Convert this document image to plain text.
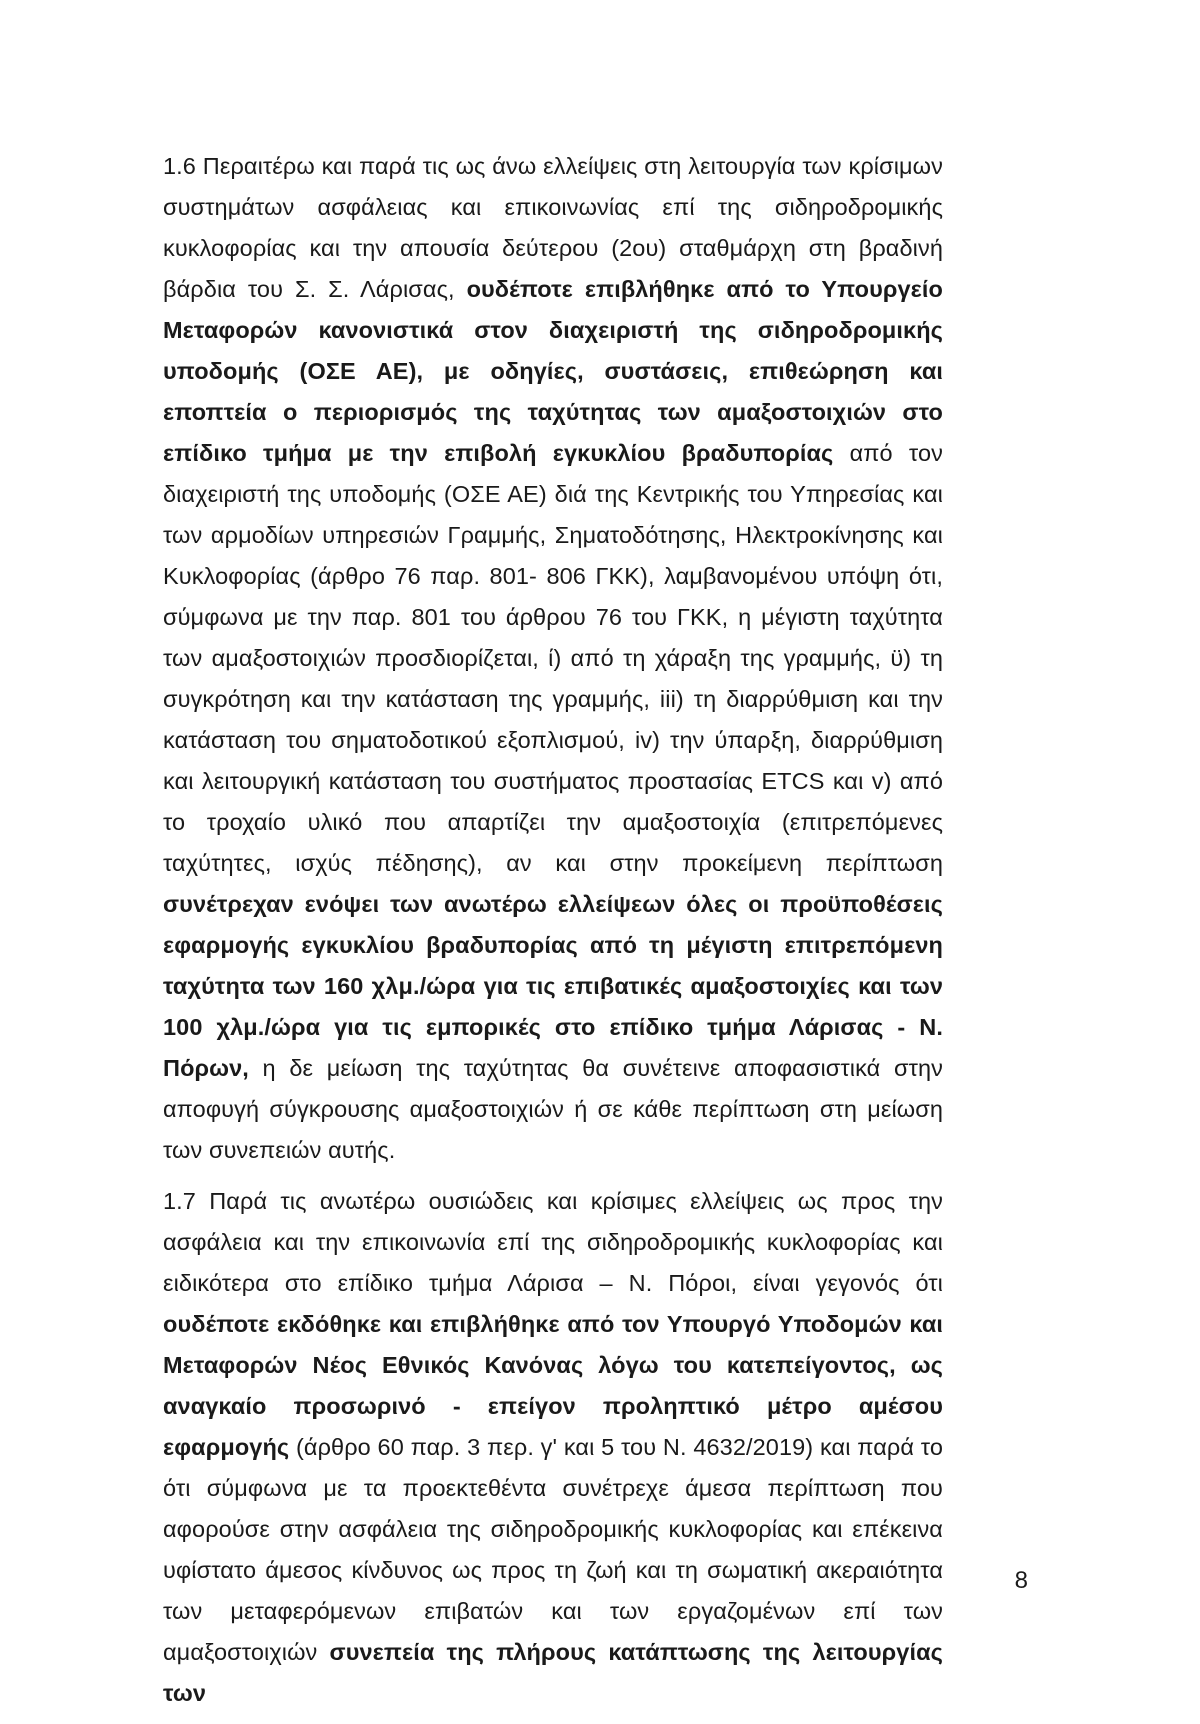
1.6 Περαιτέρω και παρά τις ως άνω ελλείψεις στη λειτουργία των κρίσιμων συστημάτων ασφάλειας και επικοινωνίας επί της σιδηροδρομικής κυκλοφορίας και την απουσία δεύτερου (2ου) σταθμάρχη στη βραδινή βάρδια του Σ. Σ. Λάρισας, ουδέποτε επιβλήθηκε από το Υπουργείο Μεταφορών κανονιστικά στον διαχειριστή της σιδηροδρομικής υποδομής (ΟΣΕ ΑΕ), με οδηγίες, συστάσεις, επιθεώρηση και εποπτεία ο περιορισμός της ταχύτητας των αμαξοστοιχιών στο επίδικο τμήμα με την επιβολή εγκυκλίου βραδυπορίας από τον διαχειριστή της υποδομής (ΟΣΕ ΑΕ) διά της Κεντρικής του Υπηρεσίας και των αρμοδίων υπηρεσιών Γραμμής, Σηματοδότησης, Ηλεκτροκίνησης και Κυκλοφορίας (άρθρο 76 παρ. 801- 806 ΓΚΚ), λαμβανομένου υπόψη ότι, σύμφωνα με την παρ. 801 του άρθρου 76 του ΓΚΚ, η μέγιστη ταχύτητα των αμαξοστοιχιών προσδιορίζεται, ί) από τη χάραξη της γραμμής, ϋ) τη συγκρότηση και την κατάσταση της γραμμής, iii) τη διαρρύθμιση και την κατάσταση του σηματοδοτικού εξοπλισμού, iv) την ύπαρξη, διαρρύθμιση και λειτουργική κατάσταση του συστήματος προστασίας ETCS και v) από το τροχαίο υλικό που απαρτίζει την αμαξοστοιχία (επιτρεπόμενες ταχύτητες, ισχύς πέδησης), αν και στην προκείμενη περίπτωση συνέτρεχαν ενόψει των ανωτέρω ελλείψεων όλες οι προϋποθέσεις εφαρμογής εγκυκλίου βραδυπορίας από τη μέγιστη επιτρεπόμενη ταχύτητα των 160 χλμ./ώρα για τις επιβατικές αμαξοστοιχίες και των 100 χλμ./ώρα για τις εμπορικές στο επίδικο τμήμα Λάρισας - Ν. Πόρων, η δε μείωση της ταχύτητας θα συνέτεινε αποφασιστικά στην αποφυγή σύγκρουσης αμαξοστοιχιών ή σε κάθε περίπτωση στη μείωση των συνεπειών αυτής.

1.7 Παρά τις ανωτέρω ουσιώδεις και κρίσιμες ελλείψεις ως προς την ασφάλεια και την επικοινωνία επί της σιδηροδρομικής κυκλοφορίας και ειδικότερα στο επίδικο τμήμα Λάρισα – Ν. Πόροι, είναι γεγονός ότι ουδέποτε εκδόθηκε και επιβλήθηκε από τον Υπουργό Υποδομών και Μεταφορών Νέος Εθνικός Κανόνας λόγω του κατεπείγοντος, ως αναγκαίο προσωρινό - επείγον προληπτικό μέτρο αμέσου εφαρμογής (άρθρο 60 παρ. 3 περ. γ' και 5 του Ν. 4632/2019) και παρά το ότι σύμφωνα με τα προεκτεθέντα συνέτρεχε άμεσα περίπτωση που αφορούσε στην ασφάλεια της σιδηροδρομικής κυκλοφορίας και επέκεινα υφίστατο άμεσος κίνδυνος ως προς τη ζωή και τη σωματική ακεραιότητα των μεταφερόμενων επιβατών και των εργαζομένων επί των αμαξοστοιχιών συνεπεία της πλήρους κατάπτωσης της λειτουργίας των

8
